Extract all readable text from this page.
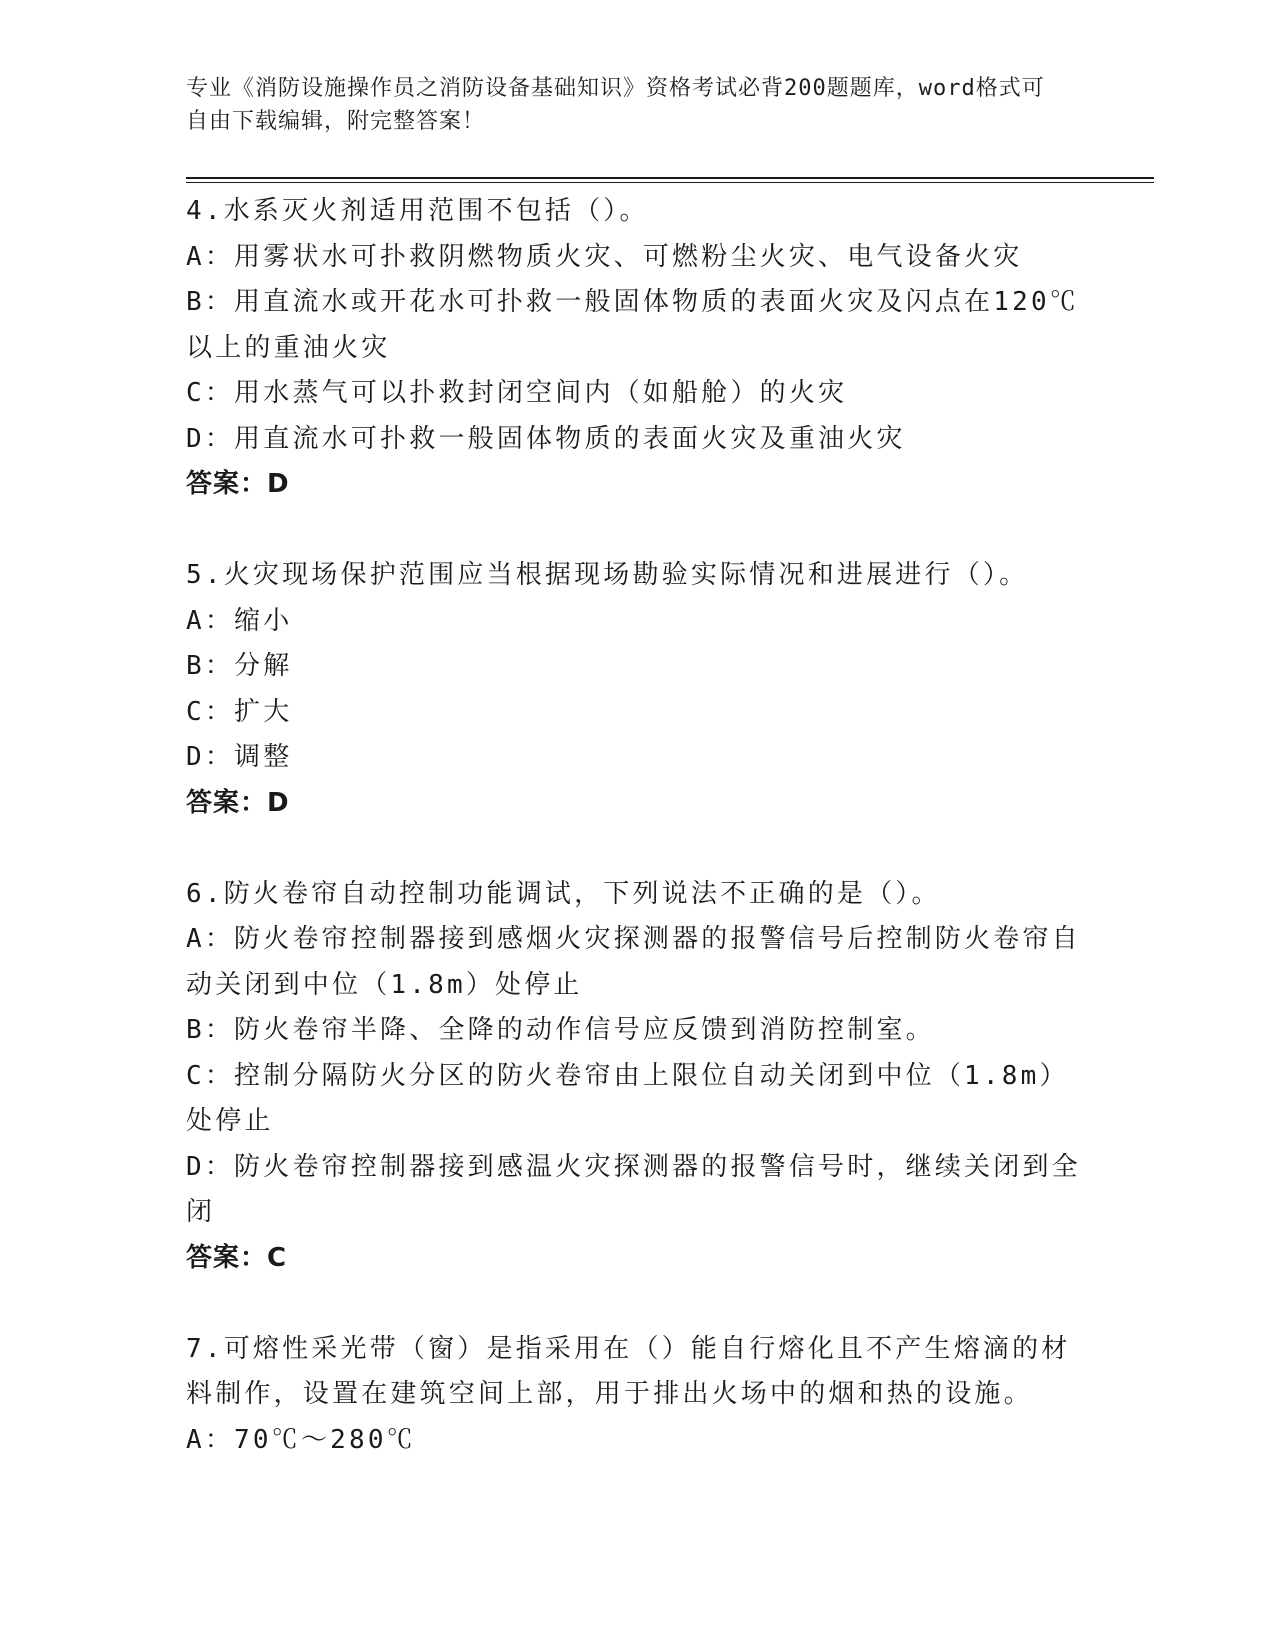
专业《消防设施操作员之消防设备基础知识》资格考试必背200题题库，word格式可自由下载编辑，附完整答案！
4.水系灭火剂适用范围不包括（）。
A：用雾状水可扑救阴燃物质火灾、可燃粉尘火灾、电气设备火灾
B：用直流水或开花水可扑救一般固体物质的表面火灾及闪点在120℃以上的重油火灾
C：用水蒸气可以扑救封闭空间内（如船舱）的火灾
D：用直流水可扑救一般固体物质的表面火灾及重油火灾
答案：D
5.火灾现场保护范围应当根据现场勘验实际情况和进展进行（）。
A：缩小
B：分解
C：扩大
D：调整
答案：D
6.防火卷帘自动控制功能调试，下列说法不正确的是（）。
A：防火卷帘控制器接到感烟火灾探测器的报警信号后控制防火卷帘自动关闭到中位（1.8m）处停止
B：防火卷帘半降、全降的动作信号应反馈到消防控制室。
C：控制分隔防火分区的防火卷帘由上限位自动关闭到中位（1.8m）处停止
D：防火卷帘控制器接到感温火灾探测器的报警信号时，继续关闭到全闭
答案：C
7.可熔性采光带（窗）是指采用在（）能自行熔化且不产生熔滴的材料制作，设置在建筑空间上部，用于排出火场中的烟和热的设施。
A：70℃～280℃
